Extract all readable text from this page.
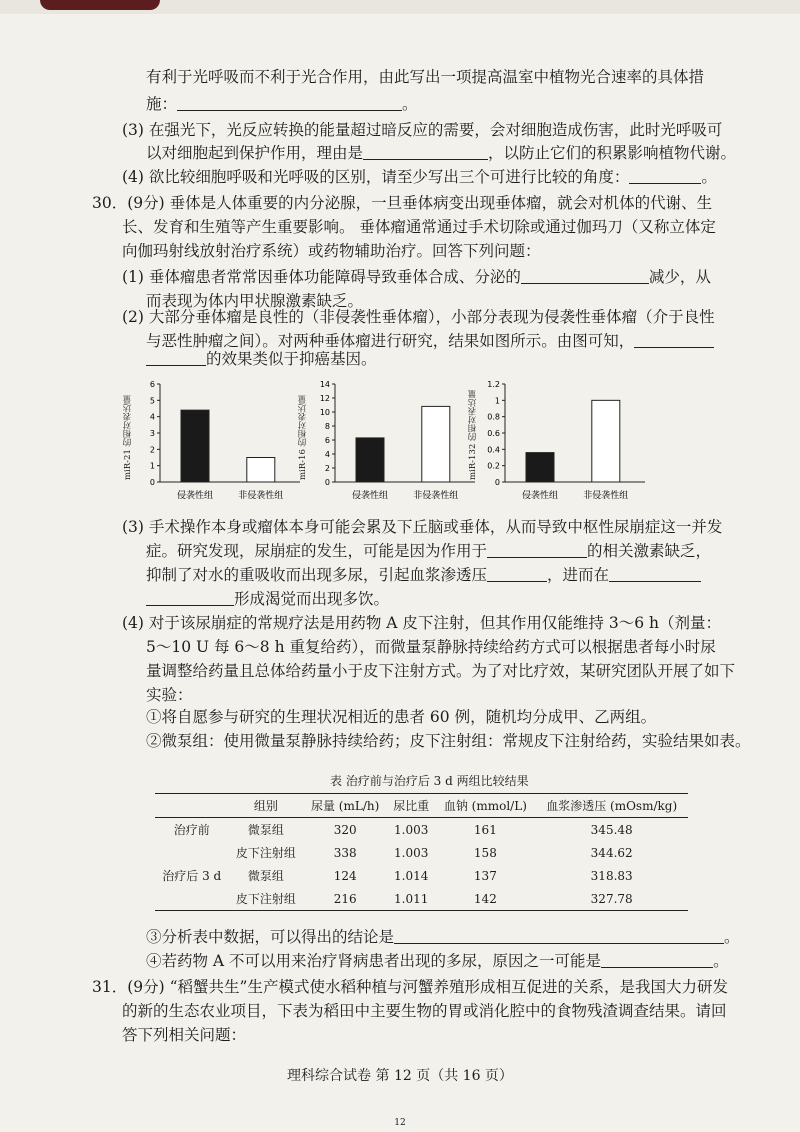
有利于光呼吸而不利于光合作用，由此写出一项提高温室中植物光合速率的具体措
施：	。
(3) 在强光下，光反应转换的能量超过暗反应的需要，会对细胞造成伤害，此时光呼吸可
以对细胞起到保护作用，理由是	，以防止它们的积累影响植物代谢。
(4) 欲比较细胞呼吸和光呼吸的区别，请至少写出三个可进行比较的角度：	。
30．(9分) 垂体是人体重要的内分泌腺，一旦垂体病变出现垂体瘤，就会对机体的代谢、生
长、发育和生殖等产生重要影响。 垂体瘤通常通过手术切除或通过伽玛刀（又称立体定
向伽玛射线放射治疗系统）或药物辅助治疗。回答下列问题：
(1) 垂体瘤患者常常因垂体功能障碍导致垂体合成、分泌的	减少，从
而表现为体内甲状腺激素缺乏。
(2) 大部分垂体瘤是良性的（非侵袭性垂体瘤），小部分表现为侵袭性垂体瘤（介于良性
与恶性肿瘤之间）。对两种垂体瘤进行研究，结果如图所示。由图可知，
的效果类似于抑癌基因。
miR-21 的相对表达量
0
1
2
3
4
5
6
侵袭性组	非侵袭性组
miR-16 的相对表达量
0
2
4
6
8
10
12
14
侵袭性组	非侵袭性组
miR-132 的相对表达量
0
0.2
0.4
0.6
0.8
1
1.2
侵袭性组	非侵袭性组
(3) 手术操作本身或瘤体本身可能会累及下丘脑或垂体，从而导致中枢性尿崩症这一并发
症。研究发现，尿崩症的发生，可能是因为作用于	的相关激素缺乏，
抑制了对水的重吸收而出现多尿，引起血浆渗透压	，进而在
形成渴觉而出现多饮。
(4) 对于该尿崩症的常规疗法是用药物 A 皮下注射，但其作用仅能维持 3～6 h（剂量：
5～10 U 每 6～8 h 重复给药），而微量泵静脉持续给药方式可以根据患者每小时尿
量调整给药量且总体给药量小于皮下注射方式。为了对比疗效，某研究团队开展了如下
实验：
①将自愿参与研究的生理状况相近的患者 60 例，随机均分成甲、乙两组。
②微泵组：使用微量泵静脉持续给药；皮下注射组：常规皮下注射给药，实验结果如表。
表 治疗前与治疗后 3 d 两组比较结果
	组别	尿量 (mL/h)	尿比重	血钠 (mmol/L)	血浆渗透压 (mOsm/kg)
治疗前	微泵组	320	1.003	161	345.48
	皮下注射组	338	1.003	158	344.62
治疗后 3 d	微泵组	124	1.014	137	318.83
	皮下注射组	216	1.011	142	327.78
③分析表中数据，可以得出的结论是	。
④若药物 A 不可以用来治疗肾病患者出现的多尿，原因之一可能是	。
31．(9分) “稻蟹共生”生产模式使水稻种植与河蟹养殖形成相互促进的关系，是我国大力研发
的新的生态农业项目，下表为稻田中主要生物的胃或消化腔中的食物残渣调查结果。请回
答下列相关问题：
理科综合试卷 第 12 页（共 16 页）
12
